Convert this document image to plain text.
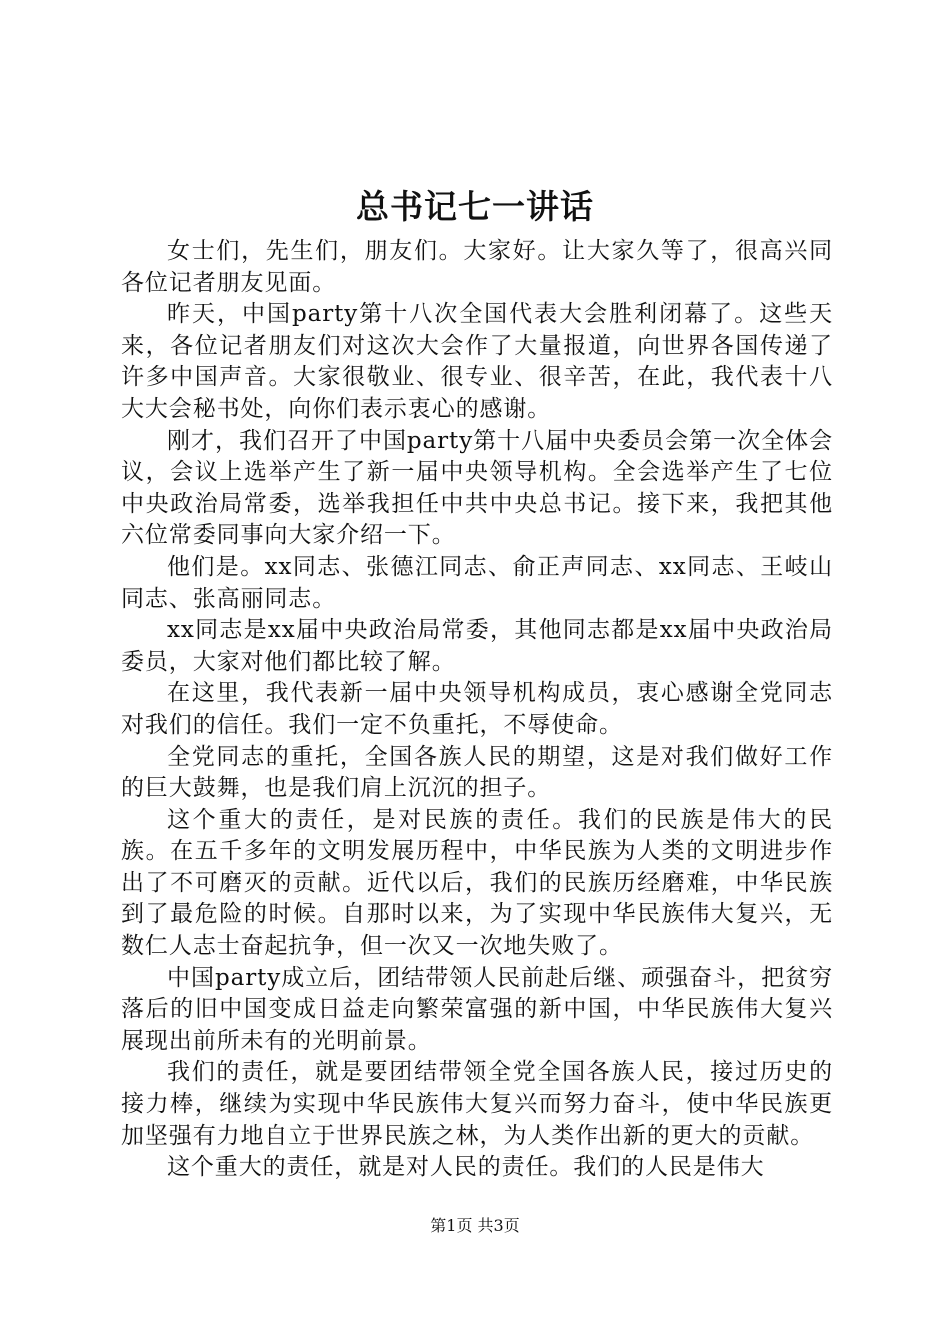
总书记七一讲话

女士们，先生们，朋友们。大家好。让大家久等了，很高兴同各位记者朋友见面。

昨天，中国party第十八次全国代表大会胜利闭幕了。这些天来，各位记者朋友们对这次大会作了大量报道，向世界各国传递了许多中国声音。大家很敬业、很专业、很辛苦，在此，我代表十八大大会秘书处，向你们表示衷心的感谢。

刚才，我们召开了中国party第十八届中央委员会第一次全体会议，会议上选举产生了新一届中央领导机构。全会选举产生了七位中央政治局常委，选举我担任中共中央总书记。接下来，我把其他六位常委同事向大家介绍一下。

他们是。xx同志、张德江同志、俞正声同志、xx同志、王岐山同志、张高丽同志。

xx同志是xx届中央政治局常委，其他同志都是xx届中央政治局委员，大家对他们都比较了解。

在这里，我代表新一届中央领导机构成员，衷心感谢全党同志对我们的信任。我们一定不负重托，不辱使命。

全党同志的重托，全国各族人民的期望，这是对我们做好工作的巨大鼓舞，也是我们肩上沉沉的担子。

这个重大的责任，是对民族的责任。我们的民族是伟大的民族。在五千多年的文明发展历程中，中华民族为人类的文明进步作出了不可磨灭的贡献。近代以后，我们的民族历经磨难，中华民族到了最危险的时候。自那时以来，为了实现中华民族伟大复兴，无数仁人志士奋起抗争，但一次又一次地失败了。

中国party成立后，团结带领人民前赴后继、顽强奋斗，把贫穷落后的旧中国变成日益走向繁荣富强的新中国，中华民族伟大复兴展现出前所未有的光明前景。

我们的责任，就是要团结带领全党全国各族人民，接过历史的接力棒，继续为实现中华民族伟大复兴而努力奋斗，使中华民族更加坚强有力地自立于世界民族之林，为人类作出新的更大的贡献。

这个重大的责任，就是对人民的责任。我们的人民是伟大

第1页 共3页
